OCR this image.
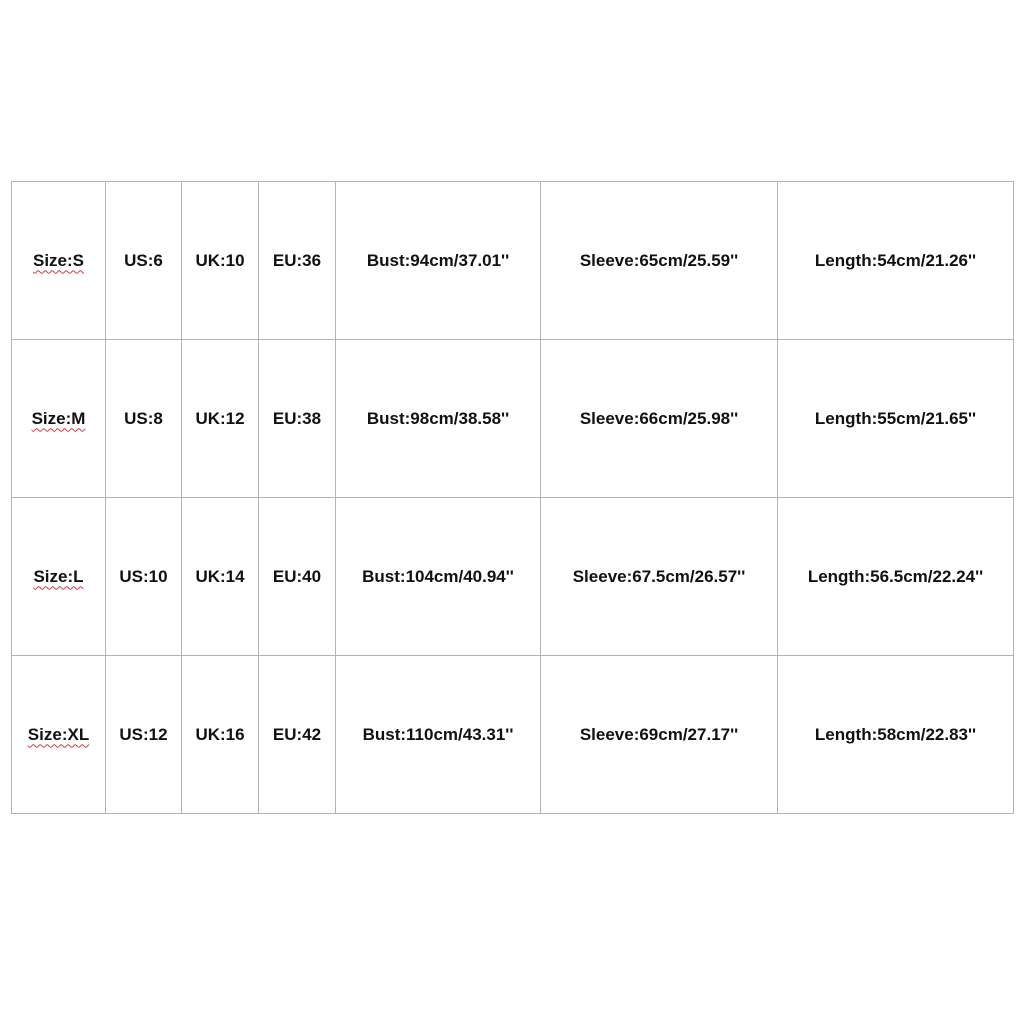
Size:S	US:6	UK:10	EU:36	Bust:94cm/37.01''	Sleeve:65cm/25.59''	Length:54cm/21.26''
Size:M	US:8	UK:12	EU:38	Bust:98cm/38.58''	Sleeve:66cm/25.98''	Length:55cm/21.65''
Size:L	US:10	UK:14	EU:40	Bust:104cm/40.94''	Sleeve:67.5cm/26.57''	Length:56.5cm/22.24''
Size:XL	US:12	UK:16	EU:42	Bust:110cm/43.31''	Sleeve:69cm/27.17''	Length:58cm/22.83''
